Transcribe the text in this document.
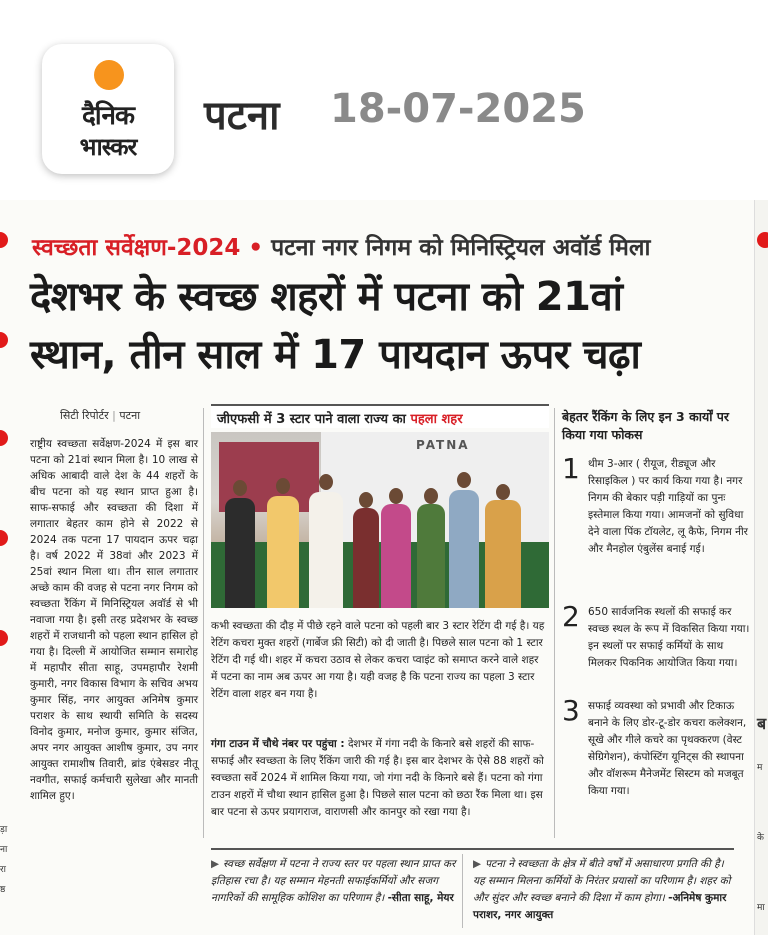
दैनिक
भास्कर
पटना 18-07-2025
ब
म
के
मा
स्वच्छता सर्वेक्षण-2024 • पटना नगर निगम को मिनिस्ट्रियल अवॉर्ड मिला
देशभर के स्वच्छ शहरों में पटना को 21वां
स्थान, तीन साल में 17 पायदान ऊपर चढ़ा
सिटी रिपोर्टर | पटना
ड़ा
ना
रा
ष्ठ
राष्ट्रीय स्वच्छता सर्वेक्षण-2024 में इस बार पटना को 21वां स्थान मिला है। 10 लाख से अधिक आबादी वाले देश के 44 शहरों के बीच पटना को यह स्थान प्राप्त हुआ है। साफ-सफाई और स्वच्छता की दिशा में लगातार बेहतर काम होने से 2022 से 2024 तक पटना 17 पायदान ऊपर चढ़ा है। वर्ष 2022 में 38वां और 2023 में 25वां स्थान मिला था। तीन साल लगातार अच्छे काम की वजह से पटना नगर निगम को स्वच्छता रैंकिंग में मिनिस्ट्रियल अवॉर्ड से भी नवाजा गया है। इसी तरह प्रदेशभर के स्वच्छ शहरों में राजधानी को पहला स्थान हासिल हो गया है। दिल्ली में आयोजित सम्मान समारोह में महापौर सीता साहू, उपमहापौर रेशमी कुमारी, नगर विकास विभाग के सचिव अभय कुमार सिंह, नगर आयुक्त अनिमेष कुमार पराशर के साथ स्थायी समिति के सदस्य विनोद कुमार, मनोज कुमार, कुमार संजित, अपर नगर आयुक्त आशीष कुमार, उप नगर आयुक्त रामाशीष तिवारी, ब्रांड एंबेसडर नीतू नवगीत, सफाई कर्मचारी सुलेखा और मानती शामिल हुए।
जीएफसी में 3 स्टार पाने वाला राज्य का पहला शहर
PATNA
कभी स्वच्छता की दौड़ में पीछे रहने वाले पटना को पहली बार 3 स्टार रेटिंग दी गई है। यह रेटिंग कचरा मुक्त शहरों (गार्बेज फ्री सिटी) को दी जाती है। पिछले साल पटना को 1 स्टार रेटिंग दी गई थी। शहर में कचरा उठाव से लेकर कचरा प्वाइंट को समाप्त करने वाले शहर में पटना का नाम अब ऊपर आ गया है। यही वजह है कि पटना राज्य का पहला 3 स्टार रेटिंग वाला शहर बन गया है।
गंगा टाउन में चौथे नंबर पर पहुंचा : देशभर में गंगा नदी के किनारे बसे शहरों की साफ-सफाई और स्वच्छता के लिए रैंकिंग जारी की गई है। इस बार देशभर के ऐसे 88 शहरों को स्वच्छता सर्वे 2024 में शामिल किया गया, जो गंगा नदी के किनारे बसे हैं। पटना को गंगा टाउन शहरों में चौथा स्थान हासिल हुआ है। पिछले साल पटना को छठा रैंक मिला था। इस बार पटना से ऊपर प्रयागराज, वाराणसी और कानपुर को रखा गया है।
बेहतर रैंकिंग के लिए इन 3 कार्यों पर किया गया फोकस
1 थीम 3-आर ( रीयूज, रीड्यूज और रिसाइकिल ) पर कार्य किया गया है। नगर निगम की बेकार पड़ी गाड़ियों का पुनः इस्तेमाल किया गया। आमजनों को सुविधा देने वाला पिंक टॉयलेट, लू कैफे, निगम नीर और मैनहोल एंबुलेंस बनाई गई।
2 650 सार्वजनिक स्थलों की सफाई कर स्वच्छ स्थल के रूप में विकसित किया गया। इन स्थलों पर सफाई कर्मियों के साथ मिलकर पिकनिक आयोजित किया गया।
3 सफाई व्यवस्था को प्रभावी और टिकाऊ बनाने के लिए डोर-टू-डोर कचरा कलेक्शन, सूखे और गीले कचरे का पृथक्करण (वेस्ट सेग्रिगेशन), कंपोस्टिंग यूनिट्स की स्थापना और वॉशरूम मैनेजमेंट सिस्टम को मजबूत किया गया।
▶ स्वच्छ सर्वेक्षण में पटना ने राज्य स्तर पर पहला स्थान प्राप्त कर इतिहास रचा है। यह सम्मान मेहनती सफाईकर्मियों और सजग नागरिकों की सामूहिक कोशिश का परिणाम है। -सीता साहू, मेयर
▶ पटना ने स्वच्छता के क्षेत्र में बीते वर्षों में असाधारण प्रगति की है। यह सम्मान मिलना कर्मियों के निरंतर प्रयासों का परिणाम है। शहर को और सुंदर और स्वच्छ बनाने की दिशा में काम होगा। -अनिमेष कुमार पराशर, नगर आयुक्त
